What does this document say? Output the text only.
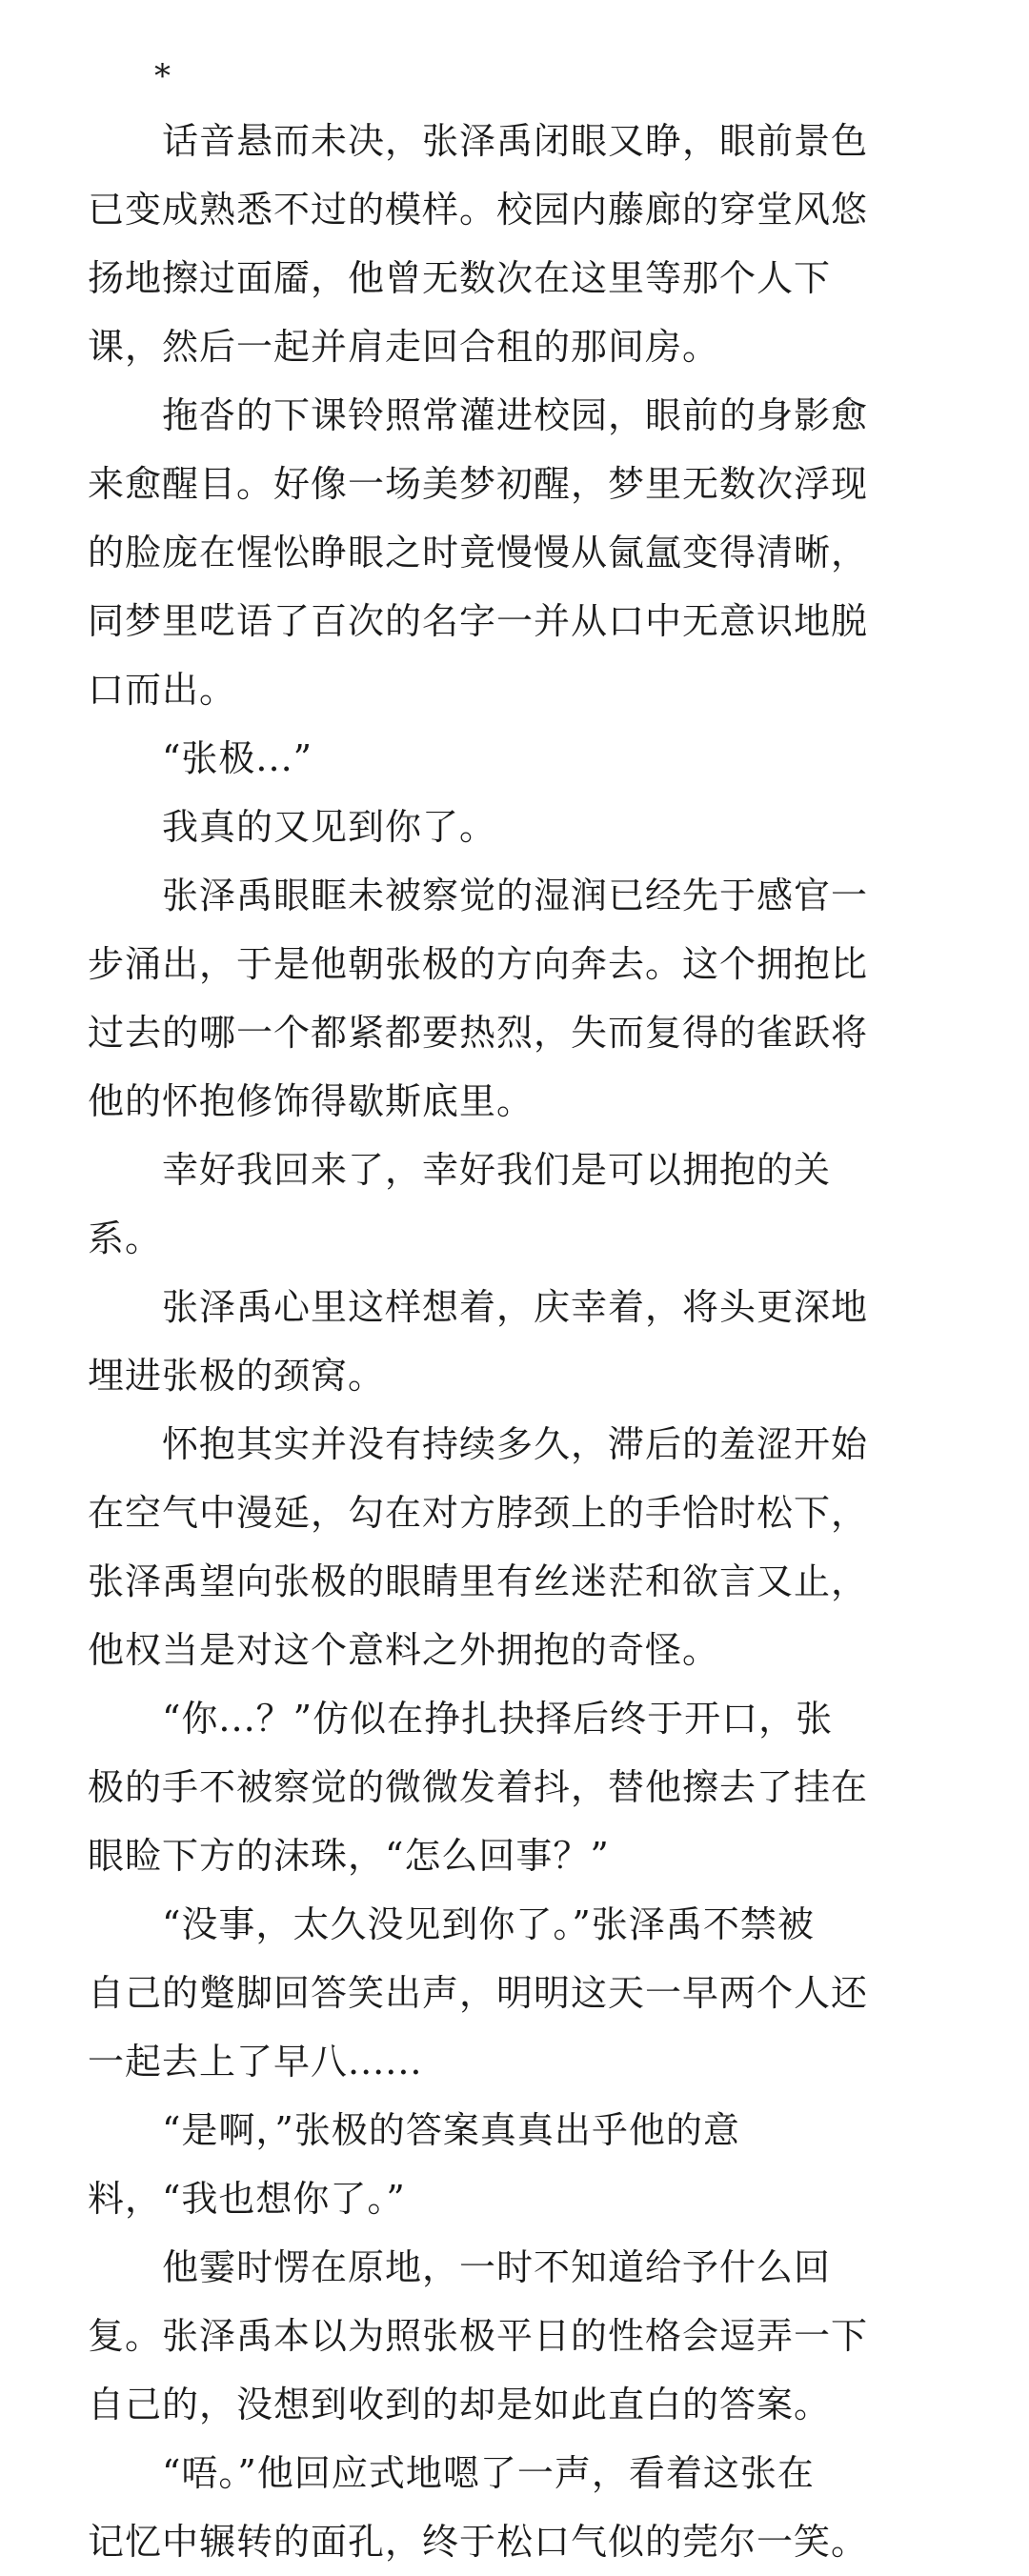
　　*
　　话音悬而未决，张泽禹闭眼又睁，眼前景色
已变成熟悉不过的模样。校园内藤廊的穿堂风悠
扬地擦过面靥，他曾无数次在这里等那个人下
课，然后一起并肩走回合租的那间房。
　　拖沓的下课铃照常灌进校园，眼前的身影愈
来愈醒目。好像一场美梦初醒，梦里无数次浮现
的脸庞在惺忪睁眼之时竟慢慢从氤氲变得清晰，
同梦里呓语了百次的名字一并从口中无意识地脱
口而出。
　　“张极...”
　　我真的又见到你了。
　　张泽禹眼眶未被察觉的湿润已经先于感官一
步涌出，于是他朝张极的方向奔去。这个拥抱比
过去的哪一个都紧都要热烈，失而复得的雀跃将
他的怀抱修饰得歇斯底里。
　　幸好我回来了，幸好我们是可以拥抱的关
系。
　　张泽禹心里这样想着，庆幸着，将头更深地
埋进张极的颈窝。
　　怀抱其实并没有持续多久，滞后的羞涩开始
在空气中漫延，勾在对方脖颈上的手恰时松下，
张泽禹望向张极的眼睛里有丝迷茫和欲言又止，
他权当是对这个意料之外拥抱的奇怪。
　　“你...？”仿似在挣扎抉择后终于开口，张
极的手不被察觉的微微发着抖，替他擦去了挂在
眼睑下方的沫珠，“怎么回事？”
　　“没事，太久没见到你了。”张泽禹不禁被
自己的蹩脚回答笑出声，明明这天一早两个人还
一起去上了早八......
　　“是啊，”张极的答案真真出乎他的意
料，“我也想你了。”
　　他霎时愣在原地，一时不知道给予什么回
复。张泽禹本以为照张极平日的性格会逗弄一下
自己的，没想到收到的却是如此直白的答案。
　　“唔。”他回应式地嗯了一声，看着这张在
记忆中辗转的面孔，终于松口气似的莞尔一笑。
